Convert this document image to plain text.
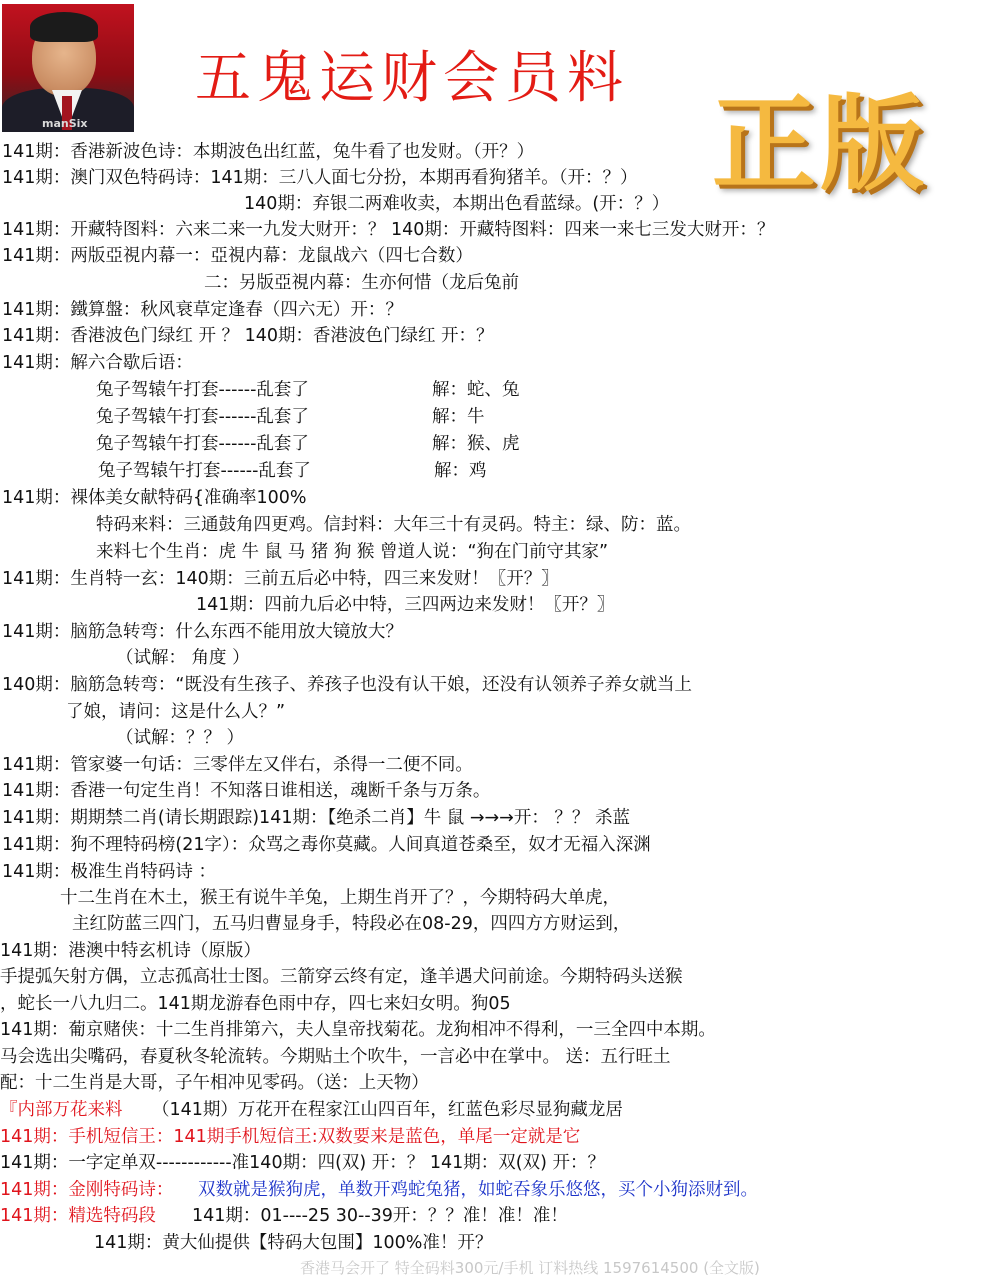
manSix
五鬼运财会员料
正版
141期：香港新波色诗：本期波色出红蓝，兔牛看了也发财。（开？）
141期：澳门双色特码诗：141期：三八人面七分扮，本期再看狗猪羊。（开：？）
140期：弃银二两难收卖，本期出色看蓝绿。(开：？）
141期：开藏特图料：六来二来一九发大财开：？ 140期：开藏特图料：四来一来七三发大财开：？
141期：两版亞視内幕一：亞視内幕：龙鼠战六（四七合数）
二：另版亞視内幕：生亦何惜（龙后兔前
141期：鐵算盤：秋风衰草定逢春（四六无）开：？
141期：香港波色门绿红 开 ？ 140期：香港波色门绿红 开：？
141期：解六合歇后语：
兔子驾辕午打套------乱套了	解：蛇、兔
兔子驾辕午打套------乱套了	解：牛
兔子驾辕午打套------乱套了	解：猴、虎
兔子驾辕午打套------乱套了	解：鸡
141期：裸体美女献特码{准确率100%
特码来料：三通鼓角四更鸡。信封料：大年三十有灵码。特主：绿、防：蓝。
来料七个生肖：虎 牛 鼠 马 猪 狗 猴 曾道人说：“狗在门前守其家”
141期：生肖特一玄：140期：三前五后必中特，四三来发财！〖开？〗
141期：四前九后必中特，三四两边来发财！〖开？〗
141期：脑筋急转弯：什么东西不能用放大镜放大？
（试解： 角度 ）
140期：脑筋急转弯：“既没有生孩子、养孩子也没有认干娘，还没有认领养子养女就当上
了娘，请问：这是什么人？”
（试解：？？ ）
141期：管家婆一句话：三零伴左又伴右，杀得一二便不同。
141期：香港一句定生肖！不知落日谁相送，魂断千条与万条。
141期：期期禁二肖(请长期跟踪)141期：【绝杀二肖】牛 鼠 →→→开： ？？ 杀蓝
141期：狗不理特码榜(21字）：众骂之毒你莫藏。人间真道苍桑至，奴才无福入深渊
141期：极准生肖特码诗 ：
十二生肖在木土，猴王有说牛羊兔，上期生肖开了？，今期特码大单虎，
主红防蓝三四门，五马归曹显身手，特段必在08-29，四四方方财运到，
141期：港澳中特玄机诗（原版）
手提弧矢射方偶，立志孤高壮士图。三箭穿云终有定，逢羊遇犬问前途。今期特码头送猴
，蛇长一八九归二。141期龙游春色雨中存，四七来妇女明。狗05
141期：葡京赌侠：十二生肖排第六，夫人皇帝找菊花。龙狗相冲不得利，一三全四中本期。
马会选出尖嘴码，春夏秋冬轮流转。今期贴土个吹牛，一言必中在掌中。 送：五行旺土
配：十二生肖是大哥，子午相冲见零码。（送：上天物）
『内部万花来料 （141期）万花开在程家江山四百年，红蓝色彩尽显狗藏龙居
141期：手机短信王：141期手机短信王:双数要来是蓝色，单尾一定就是它
141期：一字定单双------------准140期：四(双) 开：？ 141期：双(双) 开：？
141期：金刚特码诗： 双数就是猴狗虎，单数开鸡蛇兔猪，如蛇吞象乐悠悠，买个小狗添财到。
141期：精选特码段 141期：01----25 30--39开：？？准！准！准！
141期：黄大仙提供【特码大包围】100%准！开？
香港马会开了 特全码料300元/手机 订料热线 1597614500 (全文版)
